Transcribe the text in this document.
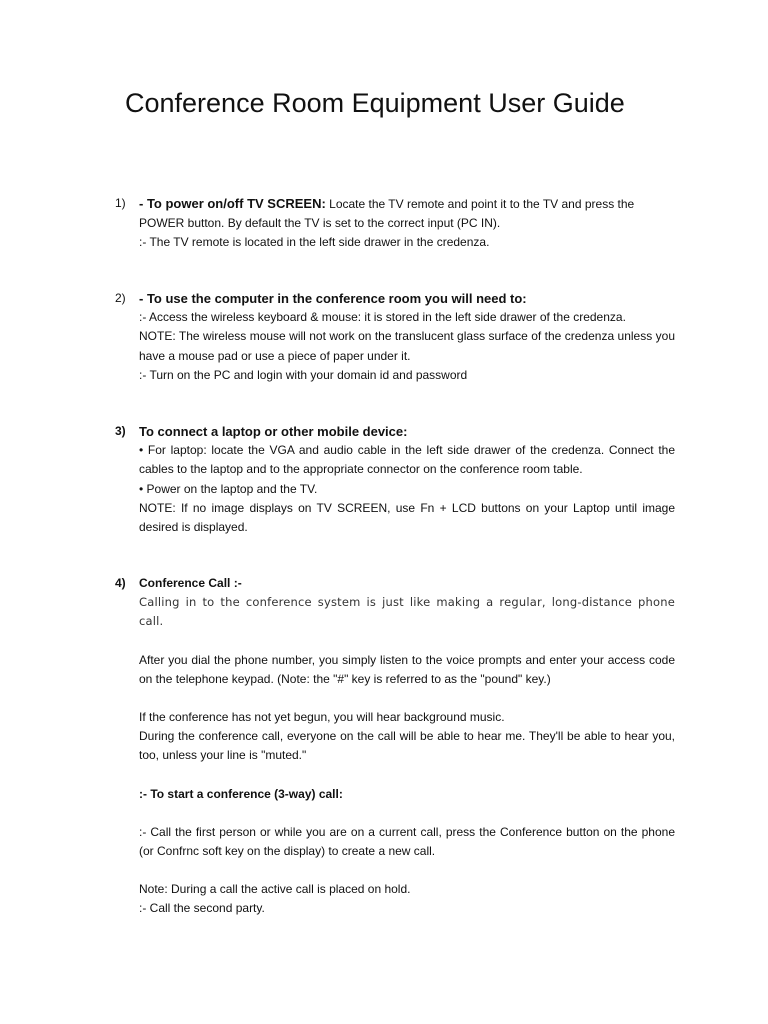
Conference Room Equipment User Guide
1)	- To power on/off TV SCREEN: Locate the TV remote and point it to the TV and press the POWER button. By default the TV is set to the correct input (PC IN).

:- The TV remote is located in the left side drawer in the credenza.

2)	- To use the computer in the conference room you will need to:

:- Access the wireless keyboard & mouse: it is stored in the left side drawer of the credenza.

NOTE: The wireless mouse will not work on the translucent glass surface of the credenza unless you have a mouse pad or use a piece of paper under it.

:- Turn on the PC and login with your domain id and password

3)	To connect a laptop or other mobile device:

• For laptop: locate the VGA and audio cable in the left side drawer of the credenza. Connect the cables to the laptop and to the appropriate connector on the conference room table.

• Power on the laptop and the TV.

NOTE: If no image displays on TV SCREEN, use Fn + LCD buttons on your Laptop until image desired is displayed.

4)	Conference Call :-

Calling in to the conference system is just like making a regular, long-distance phone call.

After you dial the phone number, you simply listen to the voice prompts and enter your access code on the telephone keypad. (Note: the "#" key is referred to as the "pound" key.)

If the conference has not yet begun, you will hear background music.

During the conference call, everyone on the call will be able to hear me. They'll be able to hear you, too, unless your line is "muted."

:- To start a conference (3-way) call:

:- Call the first person or while you are on a current call, press the Conference button on the phone (or Confrnc soft key on the display) to create a new call.

Note: During a call the active call is placed on hold.

:- Call the second party.
